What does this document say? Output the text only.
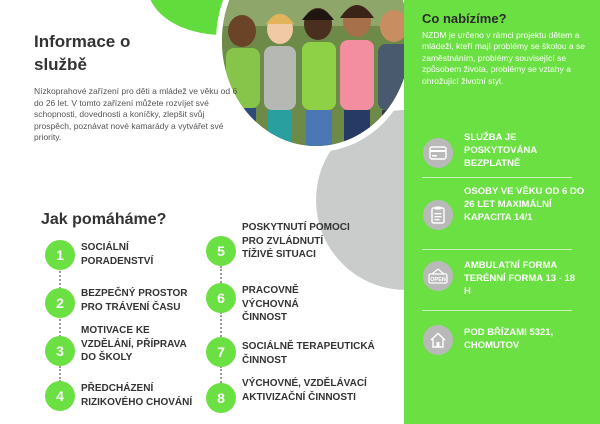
Informace o službě
Nízkoprahové zařízení pro děti a mládež ve věku od 6 do 26 let. V tomto zařízení můžete rozvíjet své schopnosti, dovednosti a koníčky, zlepšit svůj prospěch, poznávat nové kamarády a vytvářet své priority.
Jak pomáháme?
1	SOCIÁLNÍ PORADENSTVÍ
2
BEZPEČNÝ PROSTOR PRO TRÁVENÍ ČASU
3
MOTIVACE KE VZDĚLÁNÍ, PŘÍPRAVA DO ŠKOLY
4	PŘEDCHÁZENÍ RIZIKOVÉHO CHOVÁNÍ
5
POSKYTNUTÍ POMOCI PRO ZVLÁDNUTÍ TÍŽIVÉ SITUACI
6	PRACOVNĚ VÝCHOVNÁ ČINNOST
7	SOCIÁLNĚ TERAPEUTICKÁ ČINNOST
8
VÝCHOVNÉ, VZDĚLÁVACÍ AKTIVIZAČNÍ ČINNOSTI
Co nabízíme?
NZDM je určeno v rámci projektu dětem a mládeži, kteří mají problémy se školou a se zaměstnáním, problémy související se způsobem života, problémy se vztahy a ohrožující životní styl.
SLUŽBA JE POSKYTOVÁNA BEZPLATNĚ
OSOBY VE VĚKU OD 6 DO 26 LET MAXIMÁLNÍ KAPACITA 14/1
OPEN
AMBULATNÍ FORMA TERÉNNÍ FORMA 13 - 18 H
POD BŘÍZAMI 5321, CHOMUTOV
